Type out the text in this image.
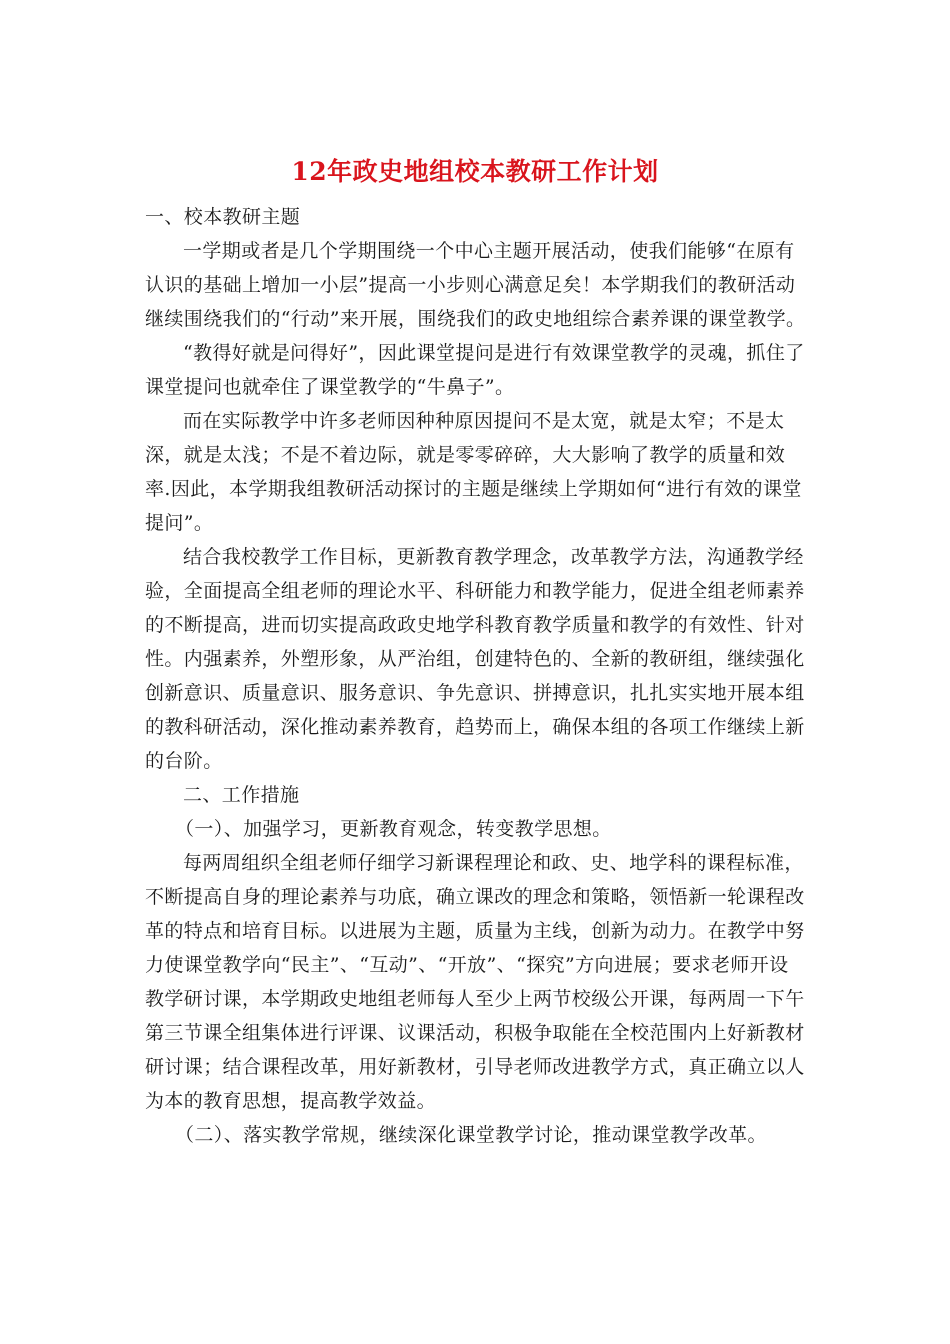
12年政史地组校本教研工作计划

一、校本教研主题

一学期或者是几个学期围绕一个中心主题开展活动，使我们能够“在原有认识的基础上增加一小层”提高一小步则心满意足矣！本学期我们的教研活动继续围绕我们的“行动”来开展，围绕我们的政史地组综合素养课的课堂教学。

“教得好就是问得好”，因此课堂提问是进行有效课堂教学的灵魂，抓住了课堂提问也就牵住了课堂教学的“牛鼻子”。

而在实际教学中许多老师因种种原因提问不是太宽，就是太窄；不是太深，就是太浅；不是不着边际，就是零零碎碎，大大影响了教学的质量和效率.因此，本学期我组教研活动探讨的主题是继续上学期如何“进行有效的课堂提问”。

结合我校教学工作目标，更新教育教学理念，改革教学方法，沟通教学经验，全面提高全组老师的理论水平、科研能力和教学能力，促进全组老师素养的不断提高，进而切实提高政政史地学科教育教学质量和教学的有效性、针对性。内强素养，外塑形象，从严治组，创建特色的、全新的教研组，继续强化创新意识、质量意识、服务意识、争先意识、拼搏意识，扎扎实实地开展本组的教科研活动，深化推动素养教育，趋势而上，确保本组的各项工作继续上新的台阶。

二、工作措施

（一）、加强学习，更新教育观念，转变教学思想。

每两周组织全组老师仔细学习新课程理论和政、史、地学科的课程标准，不断提高自身的理论素养与功底，确立课改的理念和策略，领悟新一轮课程改革的特点和培育目标。以进展为主题，质量为主线，创新为动力。在教学中努力使课堂教学向“民主”、“互动”、“开放”、“探究”方向进展；要求老师开设教学研讨课，本学期政史地组老师每人至少上两节校级公开课，每两周一下午第三节课全组集体进行评课、议课活动，积极争取能在全校范围内上好新教材研讨课；结合课程改革，用好新教材，引导老师改进教学方式，真正确立以人为本的教育思想，提高教学效益。

（二）、落实教学常规，继续深化课堂教学讨论，推动课堂教学改革。
